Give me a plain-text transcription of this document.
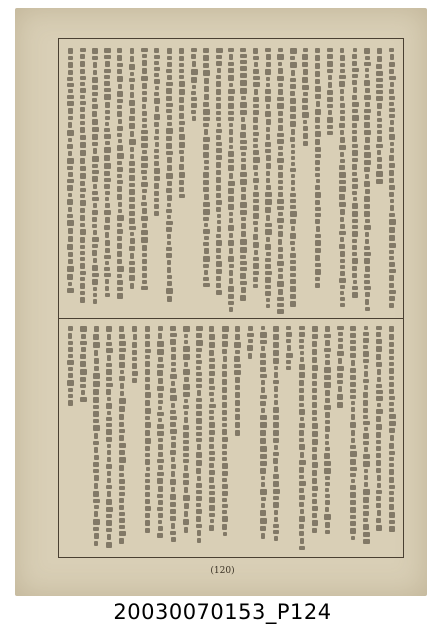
(120)
20030070153_P124
